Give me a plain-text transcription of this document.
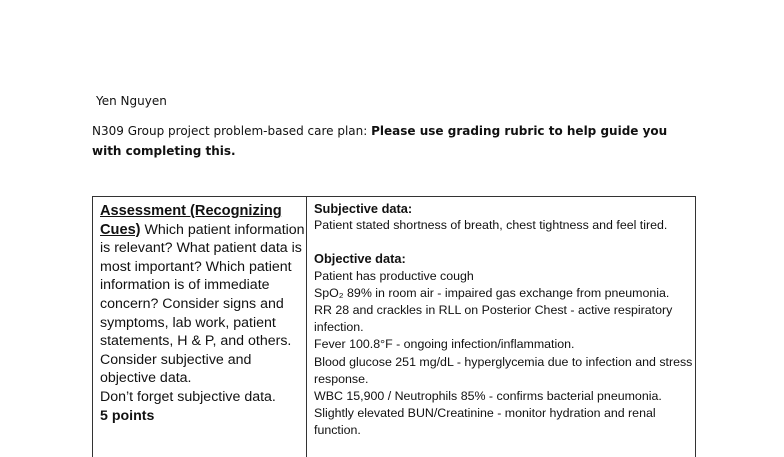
Yen Nguyen
N309 Group project problem-based care plan: Please use grading rubric to help guide you with completing this.
Assessment (Recognizing Cues) Which patient information is relevant? What patient data is most important? Which patient information is of immediate concern? Consider signs and symptoms, lab work, patient statements, H & P, and others. Consider subjective and objective data.
Don’t forget subjective data.
5 points
Subjective data:
Patient stated shortness of breath, chest tightness and feel tired.
Objective data:
Patient has productive cough
SpO₂ 89% in room air - impaired gas exchange from pneumonia.
RR 28 and crackles in RLL on Posterior Chest - active respiratory
infection.
Fever 100.8°F - ongoing infection/inflammation.
Blood glucose 251 mg/dL - hyperglycemia due to infection and stress
response.
WBC 15,900 / Neutrophils 85% - confirms bacterial pneumonia.
Slightly elevated BUN/Creatinine - monitor hydration and renal
function.
